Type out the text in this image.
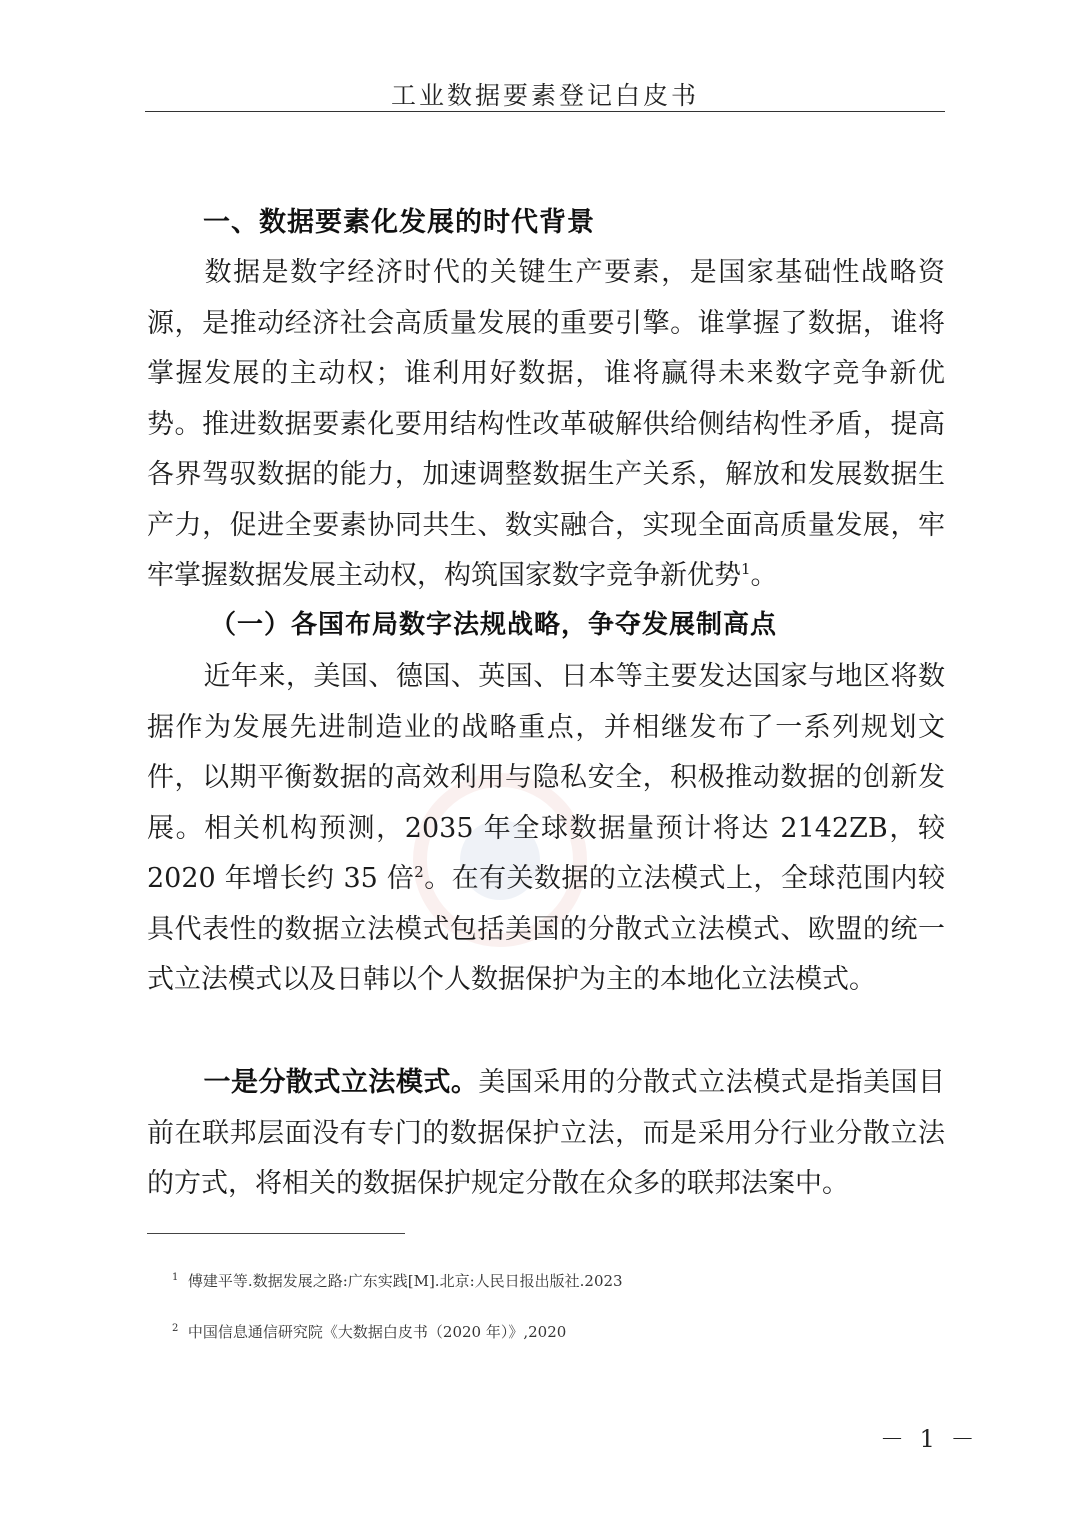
工业数据要素登记白皮书
一、数据要素化发展的时代背景

数据是数字经济时代的关键生产要素，是国家基础性战略资源，是推动经济社会高质量发展的重要引擎。谁掌握了数据，谁将掌握发展的主动权；谁利用好数据，谁将赢得未来数字竞争新优势。推进数据要素化要用结构性改革破解供给侧结构性矛盾，提高各界驾驭数据的能力，加速调整数据生产关系，解放和发展数据生产力，促进全要素协同共生、数实融合，实现全面高质量发展，牢牢掌握数据发展主动权，构筑国家数字竞争新优势$^1$。

（一）各国布局数字法规战略，争夺发展制高点

近年来，美国、德国、英国、日本等主要发达国家与地区将数据作为发展先进制造业的战略重点，并相继发布了一系列规划文件，以期平衡数据的高效利用与隐私安全，积极推动数据的创新发展。相关机构预测，2035 年全球数据量预计将达 2142ZB，较 2020 年增长约 35 倍$^2$。在有关数据的立法模式上，全球范围内较具代表性的数据立法模式包括美国的分散式立法模式、欧盟的统一式立法模式以及日韩以个人数据保护为主的本地化立法模式。

一是分散式立法模式。美国采用的分散式立法模式是指美国目前在联邦层面没有专门的数据保护立法，而是采用分行业分散立法的方式，将相关的数据保护规定分散在众多的联邦法案中。

$^1$ 傅建平等.数据发展之路:广东实践[M].北京:人民日报出版社.2023
$^2$ 中国信息通信研究院《大数据白皮书（2020 年）》,2020
－ 1 －
